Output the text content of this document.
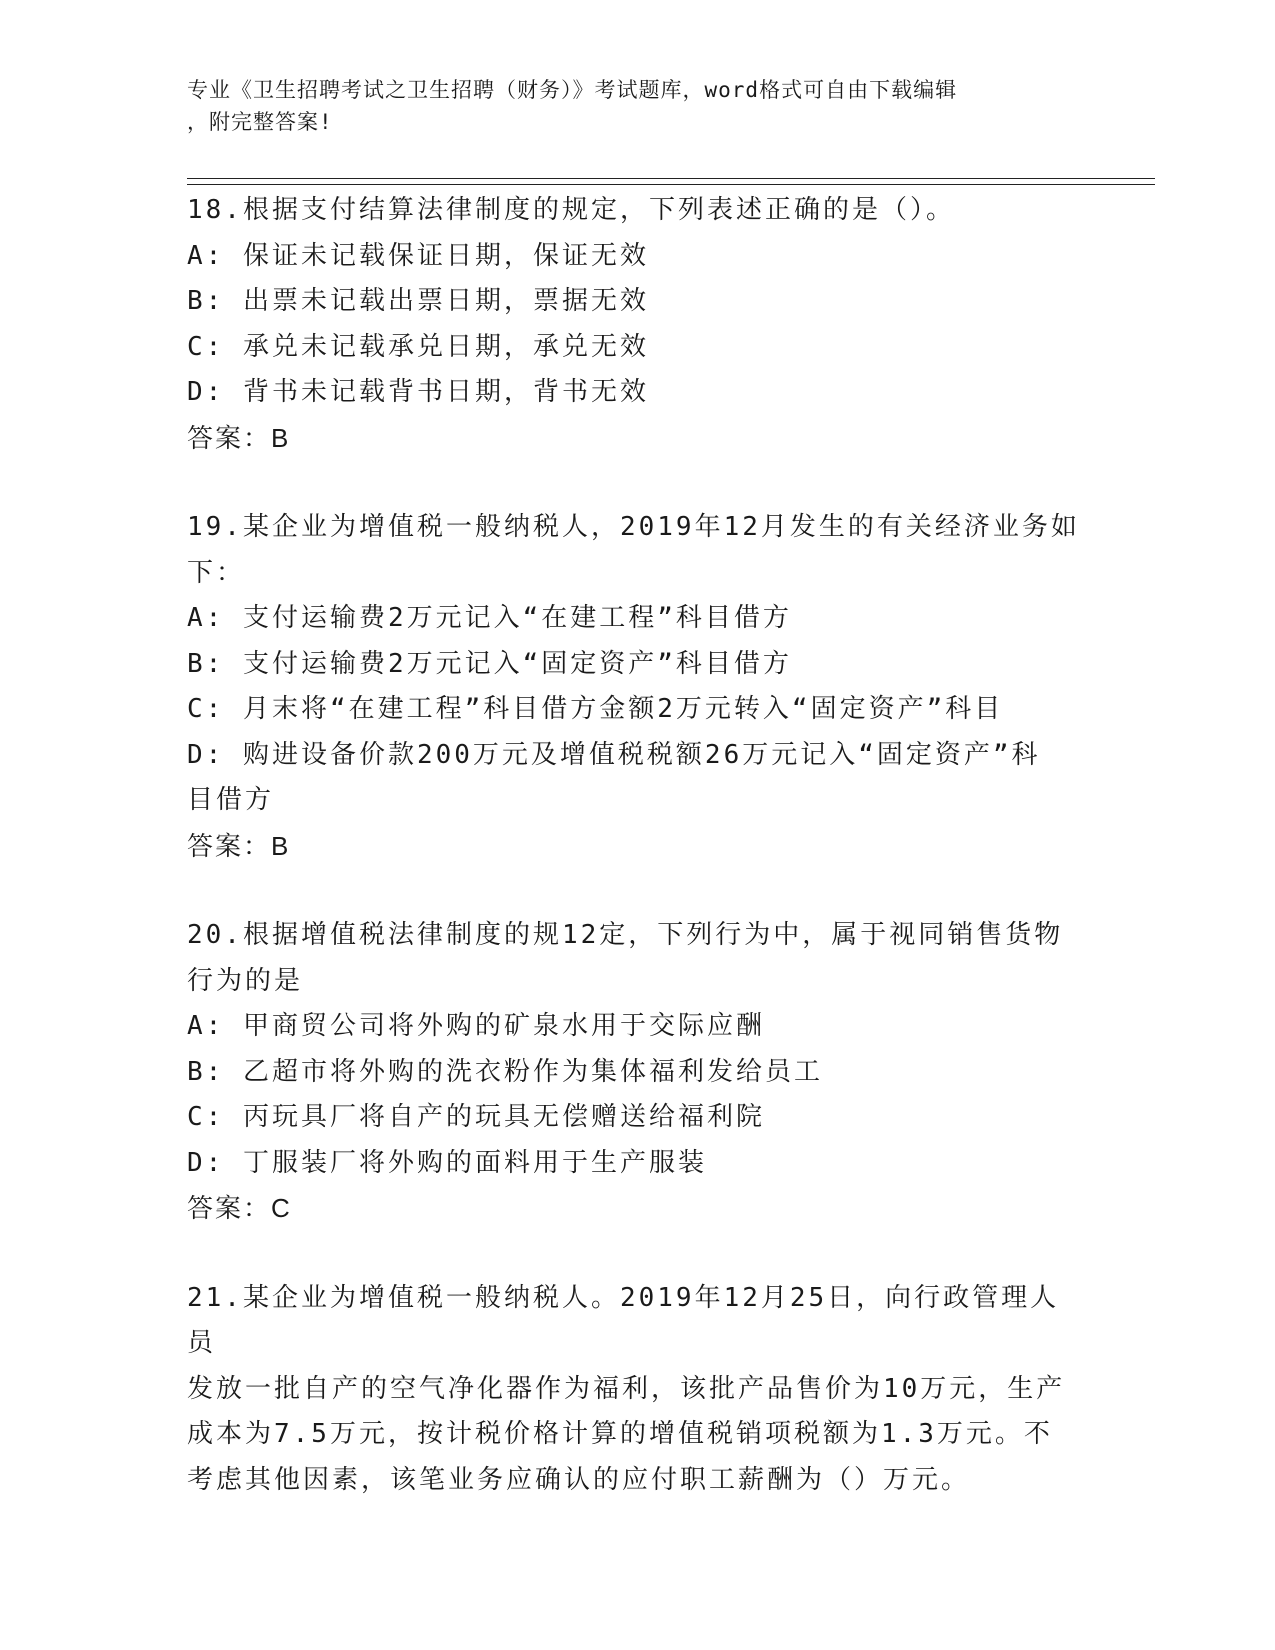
专业《卫生招聘考试之卫生招聘（财务）》考试题库，word格式可自由下载编辑
，附完整答案!
18.根据支付结算法律制度的规定，下列表述正确的是（）。
A: 保证未记载保证日期，保证无效
B: 出票未记载出票日期，票据无效
C: 承兑未记载承兑日期，承兑无效
D: 背书未记载背书日期，背书无效
答案：B
19.某企业为增值税一般纳税人，2019年12月发生的有关经济业务如
下：
A: 支付运输费2万元记入“在建工程”科目借方
B: 支付运输费2万元记入“固定资产”科目借方
C: 月末将“在建工程”科目借方金额2万元转入“固定资产”科目
D: 购进设备价款200万元及增值税税额26万元记入“固定资产”科
目借方
答案：B
20.根据增值税法律制度的规12定，下列行为中，属于视同销售货物
行为的是
A: 甲商贸公司将外购的矿泉水用于交际应酬
B: 乙超市将外购的洗衣粉作为集体福利发给员工
C: 丙玩具厂将自产的玩具无偿赠送给福利院
D: 丁服装厂将外购的面料用于生产服装
答案：C
21.某企业为增值税一般纳税人。2019年12月25日，向行政管理人员
发放一批自产的空气净化器作为福利，该批产品售价为10万元，生产
成本为7.5万元，按计税价格计算的增值税销项税额为1.3万元。不
考虑其他因素，该笔业务应确认的应付职工薪酬为（）万元。
